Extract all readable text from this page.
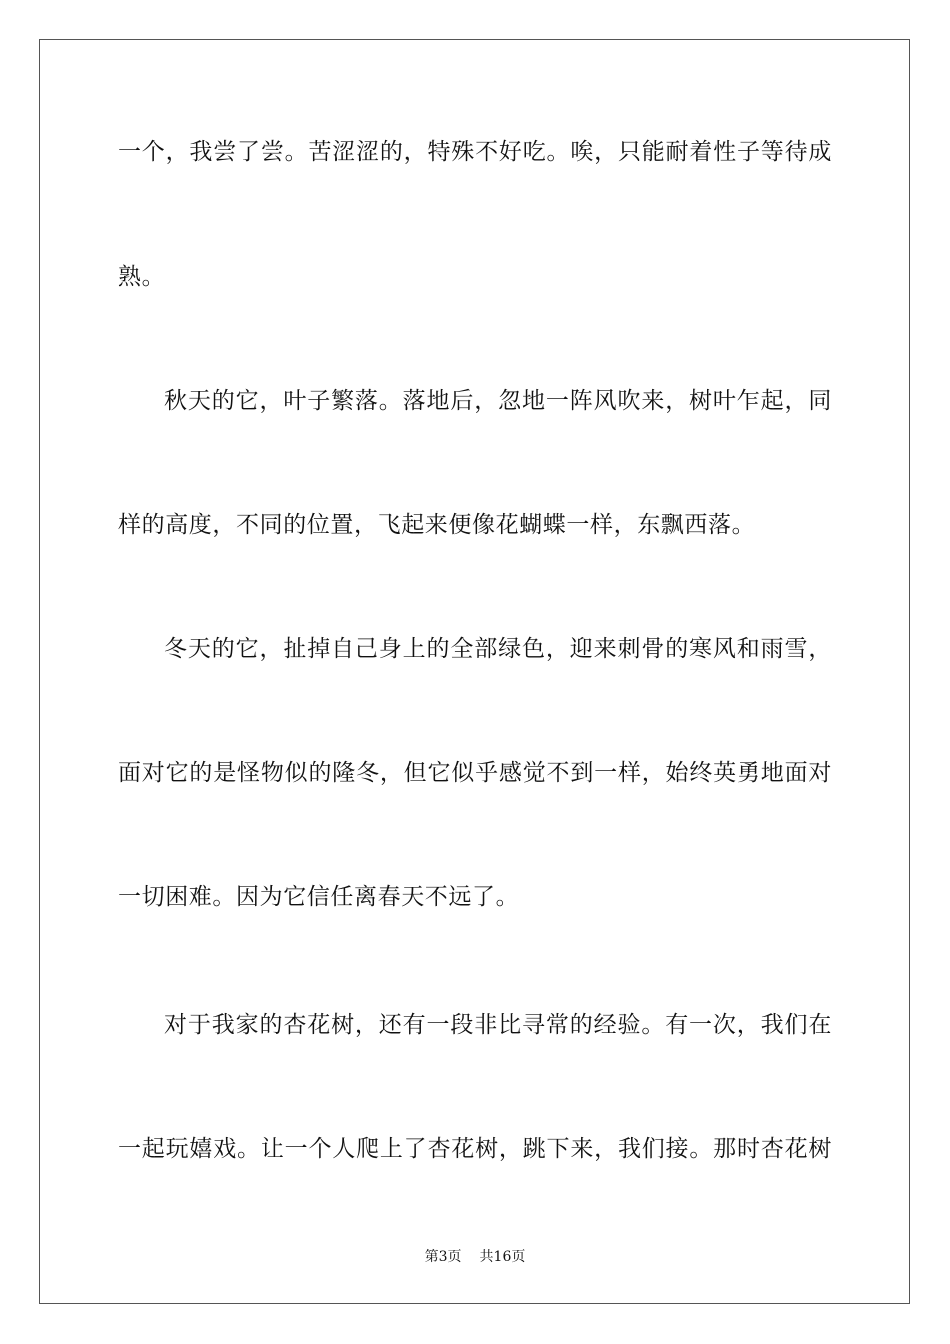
一个，我尝了尝。苦涩涩的，特殊不好吃。唉，只能耐着性子等待成
熟。
秋天的它，叶子繁落。落地后，忽地一阵风吹来，树叶乍起，同
样的高度，不同的位置，飞起来便像花蝴蝶一样，东飘西落。
冬天的它，扯掉自己身上的全部绿色，迎来刺骨的寒风和雨雪，
面对它的是怪物似的隆冬，但它似乎感觉不到一样，始终英勇地面对
一切困难。因为它信任离春天不远了。
对于我家的杏花树，还有一段非比寻常的经验。有一次，我们在
一起玩嬉戏。让一个人爬上了杏花树，跳下来，我们接。那时杏花树
第3页 共16页
